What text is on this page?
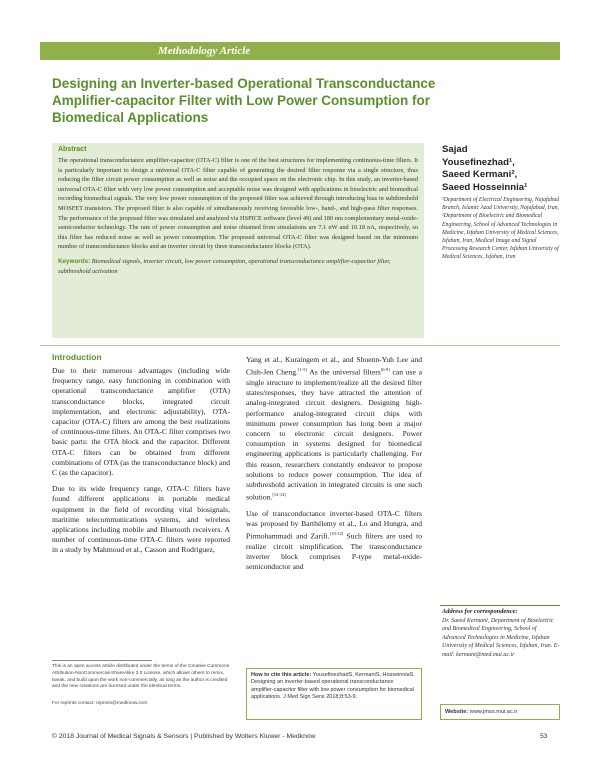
Methodology Article
Designing an Inverter-based Operational Transconductance Amplifier-capacitor Filter with Low Power Consumption for Biomedical Applications
Abstract

The operational transconductance amplifier-capacitor (OTA-C) filter is one of the best structures for implementing continuous-time filters. It is particularly important to design a universal OTA-C filter capable of generating the desired filter response via a single structure, thus reducing the filter circuit power consumption as well as noise and the occupied space on the electronic chip. In this study, an inverter-based universal OTA-C filter with very low power consumption and acceptable noise was designed with applications in bioelectric and biomedical recording biomedical signals. The very low power consumption of the proposed filter was achieved through introducing bias in subthreshold MOSFET transistors. The proposed filter is also capable of simultaneously receiving favorable low-, band-, and high-pass filter responses. The performance of the proposed filter was simulated and analyzed via HSPICE software (level 49) and 180 nm complementary metal-oxide-semiconductor technology. The rate of power consumption and noise obtained from simulations are 7.1 nW and 10.18 nA, respectively, so this filter has reduced noise as well as power consumption. The proposed universal OTA-C filter was designed based on the minimum number of transconductance blocks and an inverter circuit by three transconductance blocks (OTA).

Keywords: Biomedical signals, inverter circuit, low power consumption, operational transconductance amplifier-capacitor filter, subthreshold activation

Sajad
Yousefinezhad¹,
Saeed Kermani²,
Saeed Hosseinnia¹

¹Department of Electrical Engineering, Najafabad Branch, Islamic Azad University, Najafabad, Iran, ²Department of Bioelectric and Biomedical Engineering, School of Advanced Technologies in Medicine, Isfahan University of Medical Sciences, Isfahan, Iran, Medical Image and Signal Processing Research Center, Isfahan University of Medical Sciences, Isfahan, Iran

Introduction

Due to their numerous advantages (including wide frequency range, easy functioning in combination with operational transconductance amplifier (OTA) transconductance blocks, integrated circuit implementation, and electronic adjustability), OTA-capacitor (OTA-C) filters are among the best realizations of continuous-time filters. An OTA-C filter comprises two basic parts: the OTA block and the capacitor. Different OTA-C filters can be obtained from different combinations of OTA (as the transconductance block) and C (as the capacitor).

Due to its wide frequency range, OTA-C filters have found different applications in portable medical equipment in the field of recording vital biosignals, maritime telecommunications systems, and wireless applications including mobile and Bluetooth receivers. A number of continuous-time OTA-C filters were reported in a study by Mahmoud et al., Casson and Rodriguez,

Yang et al., Kuraingem et al., and Shuenn-Yuh Lee and Chih-Jen Cheng.[1-5] As the universal filters[6-9] can use a single structure to implement/realize all the desired filter states/responses, they have attracted the attention of analog-integrated circuit designers. Designing high-performance analog-integrated circuit chips with minimum power consumption has long been a major concern to electronic circuit designers. Power consumption in systems designed for biomedical engineering applications is particularly challenging. For this reason, researchers constantly endeavor to propose solutions to reduce power consumption. The idea of subthreshold activation in integrated circuits is one such solution.[12-14]

Use of transconductance inverter-based OTA-C filters was proposed by Barthélemy et al., Lo and Hungra, and Pirmohammadi and Zarifi.[10-12] Such filters are used to realize circuit simplification. The transconductance inverter block comprises P-type metal-oxide-semiconductor and

This is an open access article distributed under the terms of the Creative Commons Attribution-NonCommercial-ShareAlike 3.0 License, which allows others to remix, tweak, and build upon the work non-commercially, as long as the author is credited and the new creations are licensed under the identical terms.

For reprints contact: reprints@medknow.com

How to cite this article: YousefinezhadS, KermaniS, HosseinniaS. Designing an inverter-based operational transconductance amplifier-capacitor filter with low power consumption for biomedical applications. J Med Sign Sens 2018;8:53-9.

Address for correspondence:

Dr. Saeed Kermani, Department of Bioelectric and Biomedical Engineering, School of Advanced Technologies in Medicine, Isfahan University of Medical Sciences, Isfahan, Iran. E-mail: kermani@med.mui.ac.ir

Website: www.jmss.mui.ac.ir

© 2018 Journal of Medical Signals & Sensors | Published by Wolters Kluwer - Medknow	53
